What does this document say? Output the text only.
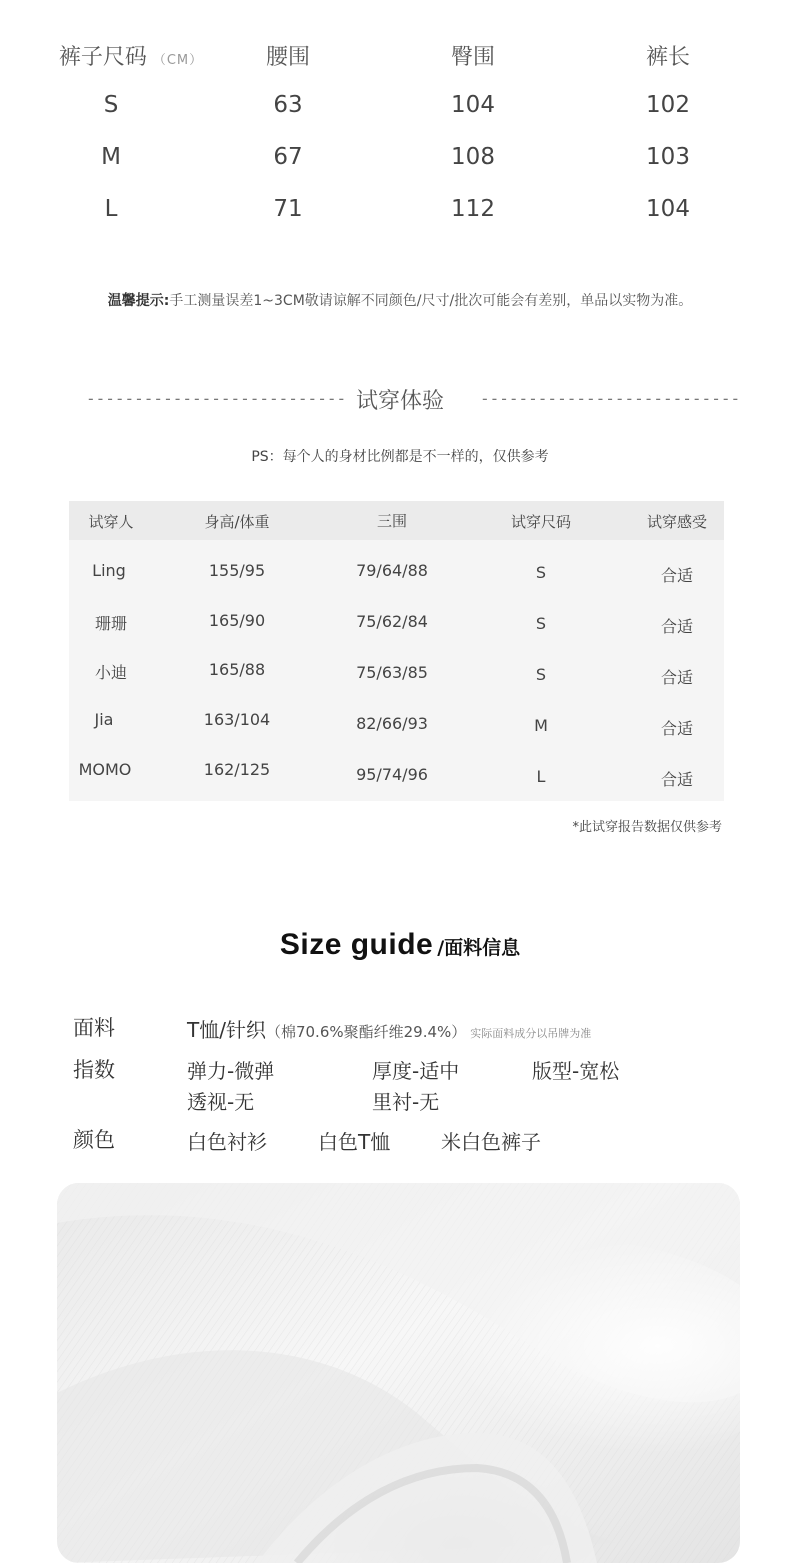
裤子尺码 （CM）	腰围	臀围	裤长
S	63	104	102
M	67	108	103
L	71	112	104
温馨提示:手工测量误差1~3CM敬请谅解不同颜色/尺寸/批次可能会有差别，单品以实物为准。
--------------------------- 试穿体验	---------------------------
PS：每个人的身材比例都是不一样的，仅供参考
试穿人	身高/体重	三围	试穿尺码	试穿感受
Ling	155/95	79/64/88	S	合适
珊珊	165/90	75/62/84	S	合适
小迪	165/88	75/63/85	S	合适
Jia	163/104	82/66/93	M	合适
MOMO	162/125	95/74/96	L	合适
*此试穿报告数据仅供参考
Size guide /面料信息
面料	T恤/针织（棉70.6%聚酯纤维29.4%） 实际面料成分以吊牌为准
指数	弹力-微弹	厚度-适中	版型-宽松
透视-无	里衬-无
颜色	白色衬衫	白色T恤	米白色裤子
